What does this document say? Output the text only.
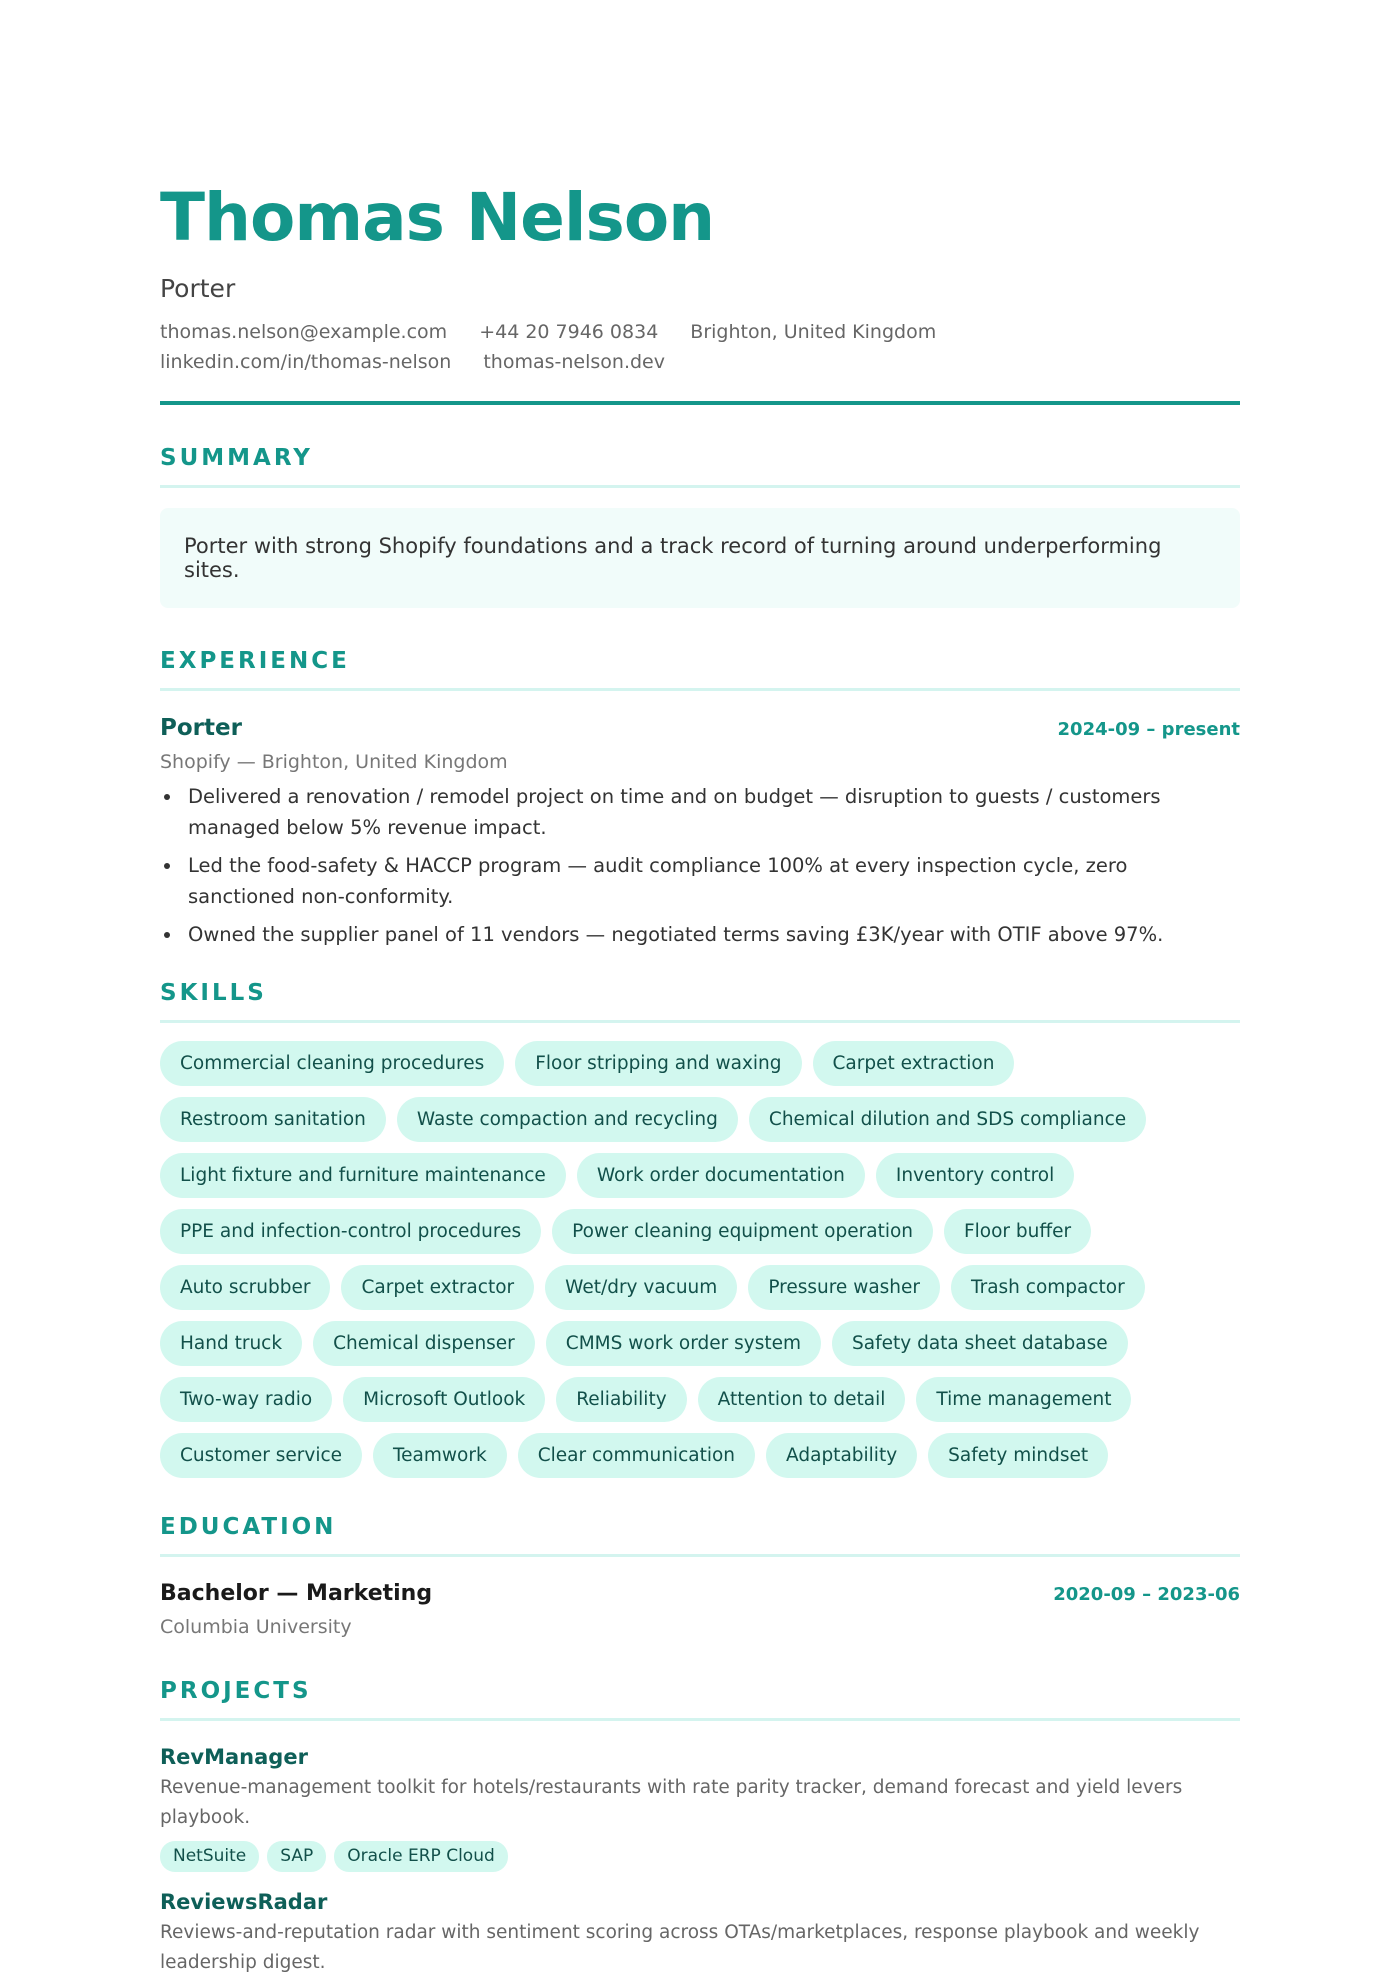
Thomas Nelson
Porter
thomas.nelson@example.com +44 20 7946 0834 Brighton, United Kingdom
linkedin.com/in/thomas-nelson thomas-nelson.dev
SUMMARY
Porter with strong Shopify foundations and a track record of turning around underperforming sites.
EXPERIENCE
Porter	2024-09 – present
Shopify — Brighton, United Kingdom
Delivered a renovation / remodel project on time and on budget — disruption to guests / customers managed below 5% revenue impact.
Led the food-safety & HACCP program — audit compliance 100% at every inspection cycle, zero sanctioned non-conformity.
Owned the supplier panel of 11 vendors — negotiated terms saving £3K/year with OTIF above 97%.
SKILLS
Commercial cleaning procedures	Floor stripping and waxing	Carpet extraction
Restroom sanitation	Waste compaction and recycling	Chemical dilution and SDS compliance
Light fixture and furniture maintenance	Work order documentation	Inventory control
PPE and infection-control procedures	Power cleaning equipment operation	Floor buffer
Auto scrubber	Carpet extractor	Wet/dry vacuum	Pressure washer	Trash compactor
Hand truck	Chemical dispenser	CMMS work order system	Safety data sheet database
Two-way radio	Microsoft Outlook	Reliability	Attention to detail	Time management
Customer service	Teamwork	Clear communication	Adaptability	Safety mindset
EDUCATION
Bachelor — Marketing	2020-09 – 2023-06
Columbia University
PROJECTS
RevManager
Revenue-management toolkit for hotels/restaurants with rate parity tracker, demand forecast and yield levers playbook.
NetSuite	SAP	Oracle ERP Cloud
ReviewsRadar
Reviews-and-reputation radar with sentiment scoring across OTAs/marketplaces, response playbook and weekly leadership digest.
